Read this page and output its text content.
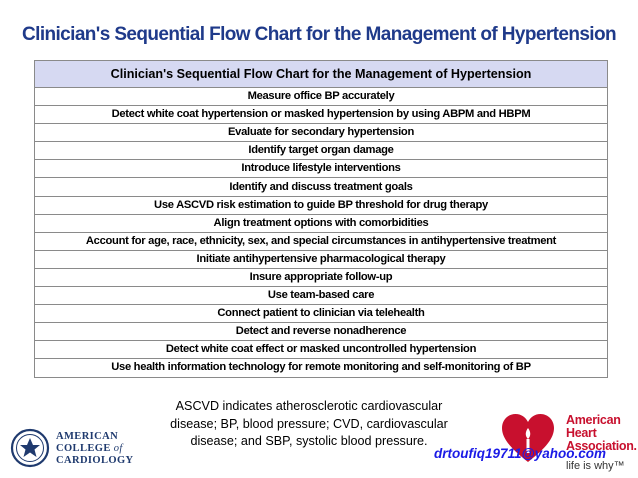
Clinician's Sequential Flow Chart for the Management of Hypertension
Clinician's Sequential Flow Chart for the Management of Hypertension
Measure office BP accurately
Detect white coat hypertension or masked hypertension by using ABPM and HBPM
Evaluate for secondary hypertension
Identify target organ damage
Introduce lifestyle interventions
Identify and discuss treatment goals
Use ASCVD risk estimation to guide BP threshold for drug therapy
Align treatment options with comorbidities
Account for age, race, ethnicity, sex, and special circumstances in antihypertensive treatment
Initiate antihypertensive pharmacological therapy
Insure appropriate follow-up
Use team-based care
Connect patient to clinician via telehealth
Detect and reverse nonadherence
Detect white coat effect or masked uncontrolled hypertension
Use health information technology for remote monitoring and self-monitoring of BP
ASCVD indicates atherosclerotic cardiovascular
disease; BP, blood pressure; CVD, cardiovascular
disease; and SBP, systolic blood pressure.
AMERICAN
COLLEGE of
CARDIOLOGY
American
Heart
Association.
life is why™
drtoufiq19711@yahoo.com
